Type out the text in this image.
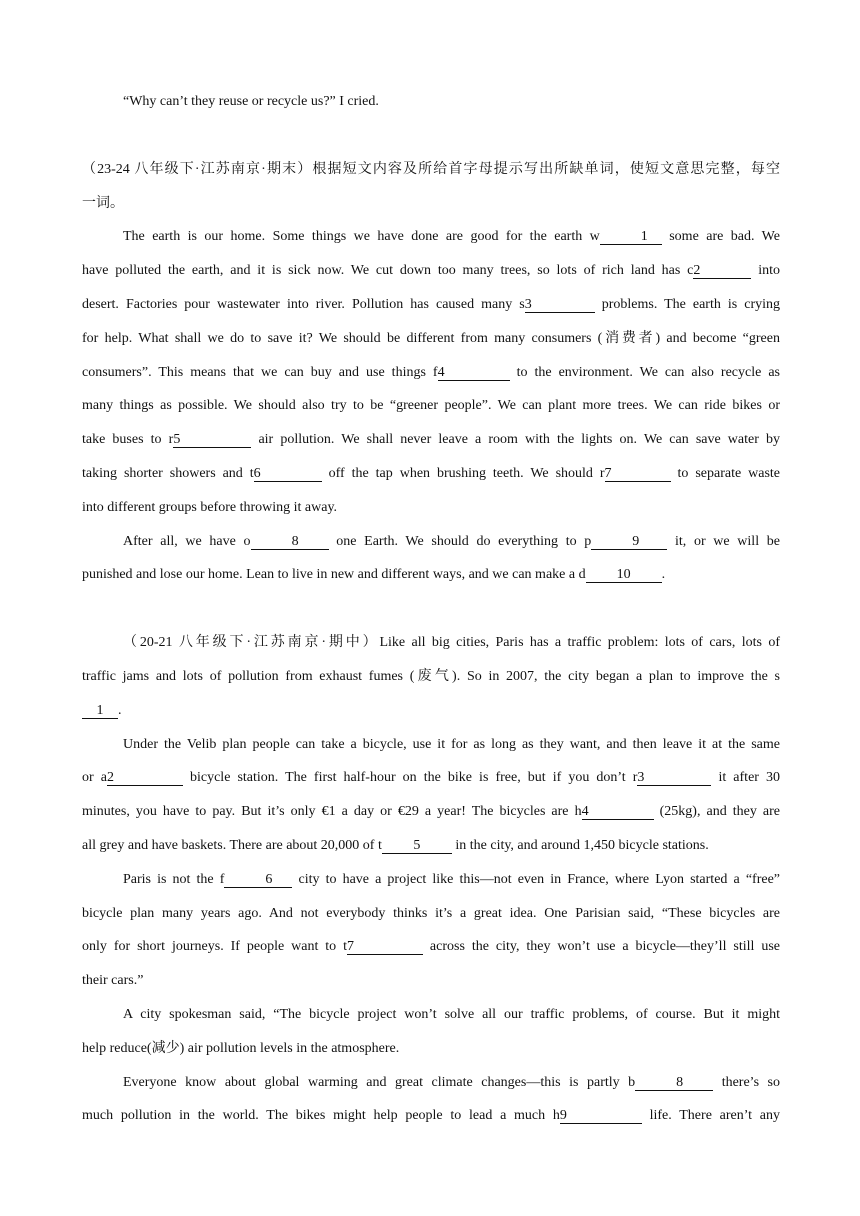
“Why can’t they reuse or recycle us?” I cried.
（23-24 八年级下·江苏南京·期末）根据短文内容及所给首字母提示写出所缺单词，使短文意思完整，每空
一词。
The earth is our home. Some things we have done are good for the earth w	1 some are bad. We
have polluted the earth, and it is sick now. We cut down too many trees, so lots of rich land has c2	into
desert. Factories pour wastewater into river. Pollution has caused many s3	problems. The earth is crying
for help. What shall we do to save it? We should be different from many consumers (消费者) and become “green
consumers”. This means that we can buy and use things f4	to the environment. We can also recycle as
many things as possible. We should also try to be “greener people”. We can plant more trees. We can ride bikes or
take buses to r5	air pollution. We shall never leave a room with the lights on. We can save water by
taking shorter showers and t6	off the tap when brushing teeth. We should r7	to separate waste
into different groups before throwing it away.
After all, we have o	8 one Earth. We should do everything to p	9 it, or we will be
punished and lose our home. Lean to live in new and different ways, and we can make a d 10 .
（20-21 八年级下·江苏南京·期中）Like all big cities, Paris has a traffic problem: lots of cars, lots of
traffic jams and lots of pollution from exhaust fumes (废气). So in 2007, the city began a plan to improve the s
1 .
Under the Velib plan people can take a bicycle, use it for as long as they want, and then leave it at the same
or a2	bicycle station. The first half-hour on the bike is free, but if you don’t r3	it after 30
minutes, you have to pay. But it’s only €1 a day or €29 a year! The bicycles are h4	(25kg), and they are
all grey and have baskets. There are about 20,000 of t 5 in the city, and around 1,450 bicycle stations.
Paris is not the f	6 city to have a project like this—not even in France, where Lyon started a “free”
bicycle plan many years ago. And not everybody thinks it’s a great idea. One Parisian said, “These bicycles are
only for short journeys. If people want to t7	across the city, they won’t use a bicycle—they’ll still use
their cars.”
A city spokesman said, “The bicycle project won’t solve all our traffic problems, of course. But it might
help reduce(减少) air pollution levels in the atmosphere.
Everyone know about global warming and great climate changes—this is partly b	8 there’s so
much pollution in the world. The bikes might help people to lead a much h9	life. There aren’t any
